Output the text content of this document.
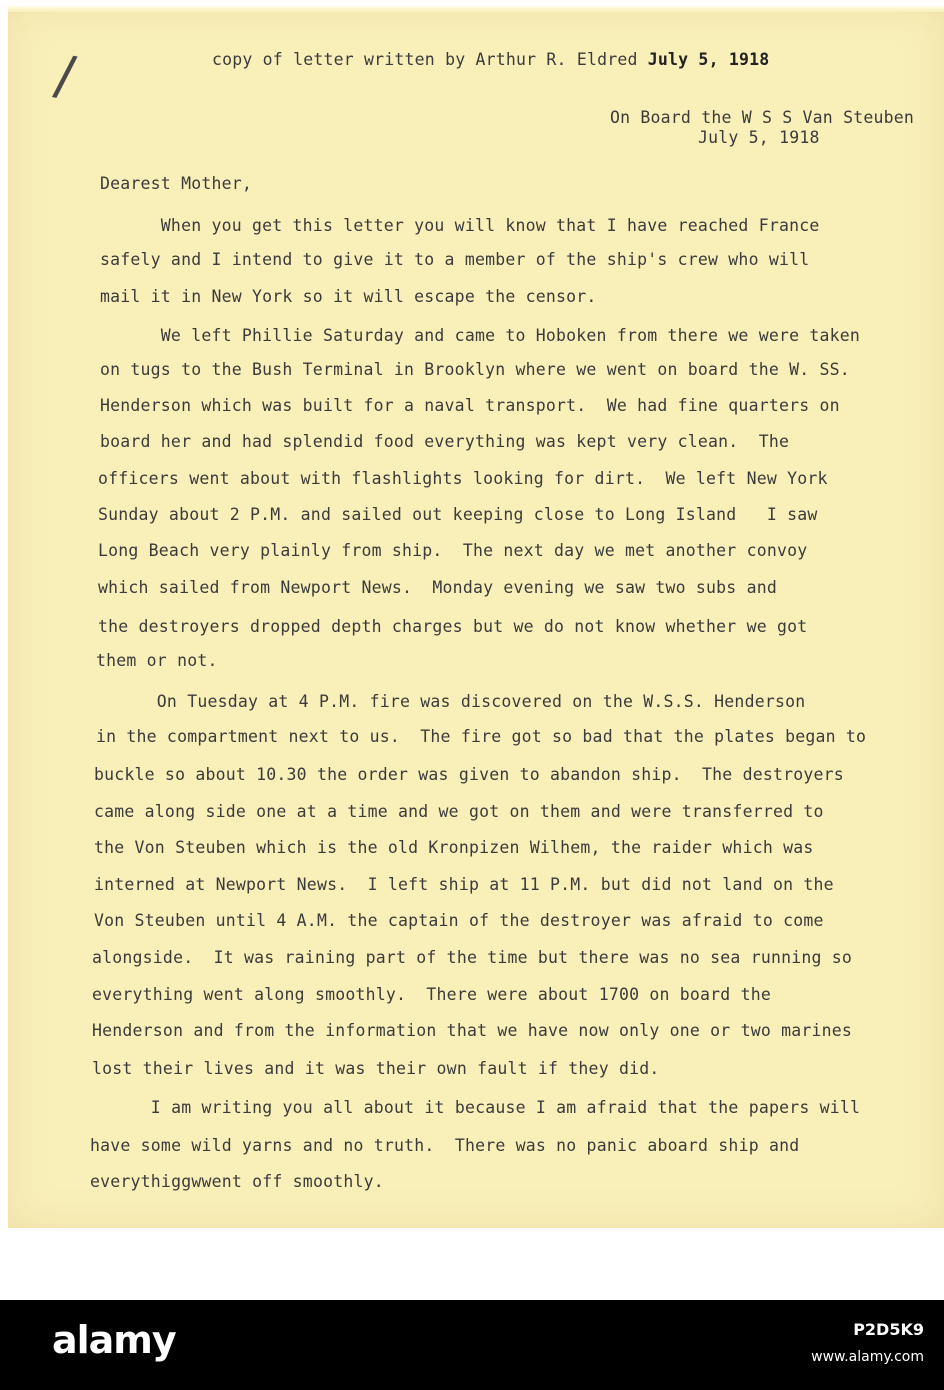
/	copy of letter written by Arthur R. Eldred July 5, 1918
On Board the W S S Van Steuben
July 5, 1918
Dearest Mother,
When you get this letter you will know that I have reached France
safely and I intend to give it to a member of the ship's crew who will
mail it in New York so it will escape the censor.
We left Phillie Saturday and came to Hoboken from there we were taken
on tugs to the Bush Terminal in Brooklyn where we went on board the W. SS.
Henderson which was built for a naval transport.  We had fine quarters on
board her and had splendid food everything was kept very clean.  The
officers went about with flashlights looking for dirt.  We left New York
Sunday about 2 P.M. and sailed out keeping close to Long Island   I saw
Long Beach very plainly from ship.  The next day we met another convoy
which sailed from Newport News.  Monday evening we saw two subs and
the destroyers dropped depth charges but we do not know whether we got
them or not.
On Tuesday at 4 P.M. fire was discovered on the W.S.S. Henderson
in the compartment next to us.  The fire got so bad that the plates began to
buckle so about 10.30 the order was given to abandon ship.  The destroyers
came along side one at a time and we got on them and were transferred to
the Von Steuben which is the old Kronpizen Wilhem, the raider which was
interned at Newport News.  I left ship at 11 P.M. but did not land on the
Von Steuben until 4 A.M. the captain of the destroyer was afraid to come
alongside.  It was raining part of the time but there was no sea running so
everything went along smoothly.  There were about 1700 on board the
Henderson and from the information that we have now only one or two marines
lost their lives and it was their own fault if they did.
I am writing you all about it because I am afraid that the papers will
have some wild yarns and no truth.  There was no panic aboard ship and
everythiggwwent off smoothly.
alamy	P2D5K9
www.alamy.com
